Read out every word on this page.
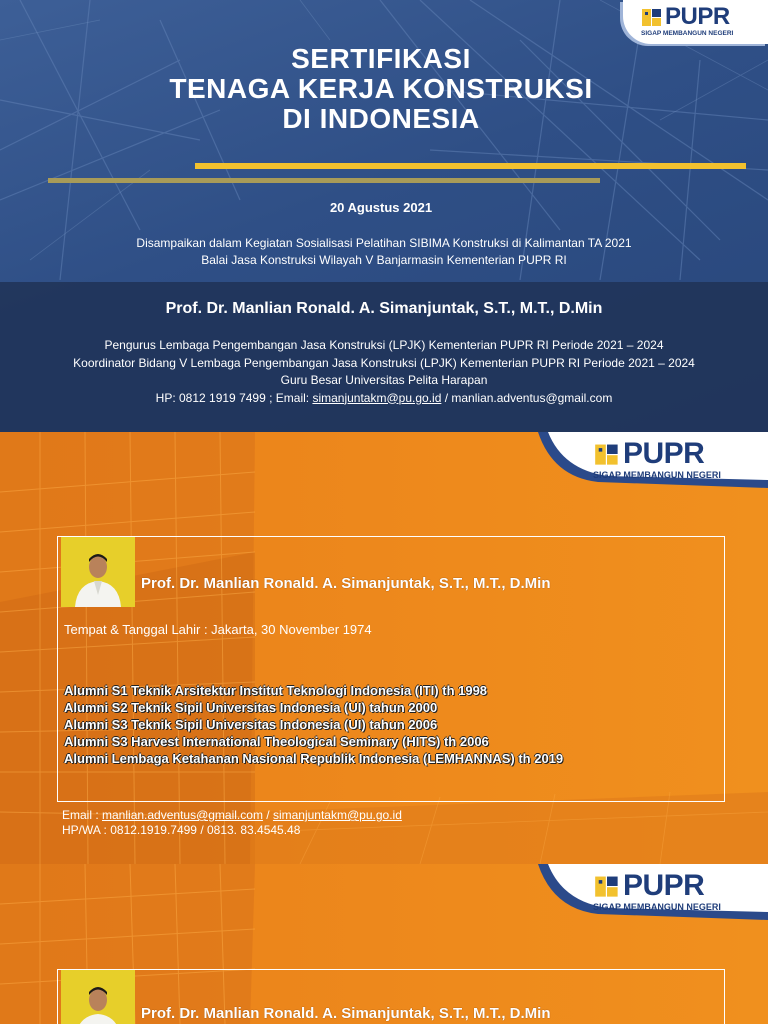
PUPR
SIGAP MEMBANGUN NEGERI
SERTIFIKASI
TENAGA KERJA KONSTRUKSI
DI INDONESIA
20 Agustus 2021
Disampaikan dalam Kegiatan Sosialisasi Pelatihan SIBIMA Konstruksi di Kalimantan TA 2021
Balai Jasa Konstruksi Wilayah V Banjarmasin Kementerian PUPR RI
Prof. Dr. Manlian Ronald. A. Simanjuntak, S.T., M.T., D.Min
Pengurus Lembaga Pengembangan Jasa Konstruksi (LPJK) Kementerian PUPR RI Periode 2021 – 2024
Koordinator Bidang V Lembaga Pengembangan Jasa Konstruksi (LPJK) Kementerian PUPR RI Periode 2021 – 2024
Guru Besar Universitas Pelita Harapan
HP: 0812 1919 7499 ; Email: simanjuntakm@pu.go.id / manlian.adventus@gmail.com
PUPR
SIGAP MEMBANGUN NEGERI
Prof. Dr. Manlian Ronald. A. Simanjuntak, S.T., M.T., D.Min
Tempat & Tanggal Lahir : Jakarta, 30 November 1974
Alumni S1 Teknik Arsitektur Institut Teknologi Indonesia (ITI) th 1998
Alumni S2 Teknik Sipil Universitas Indonesia (UI) tahun 2000
Alumni S3 Teknik Sipil Universitas Indonesia (UI) tahun 2006
Alumni S3 Harvest International Theological Seminary (HITS) th 2006
Alumni Lembaga Ketahanan Nasional Republik Indonesia (LEMHANNAS) th 2019
Email : manlian.adventus@gmail.com / simanjuntakm@pu.go.id
HP/WA : 0812.1919.7499 / 0813. 83.4545.48
PUPR
SIGAP MEMBANGUN NEGERI
Prof. Dr. Manlian Ronald. A. Simanjuntak, S.T., M.T., D.Min
